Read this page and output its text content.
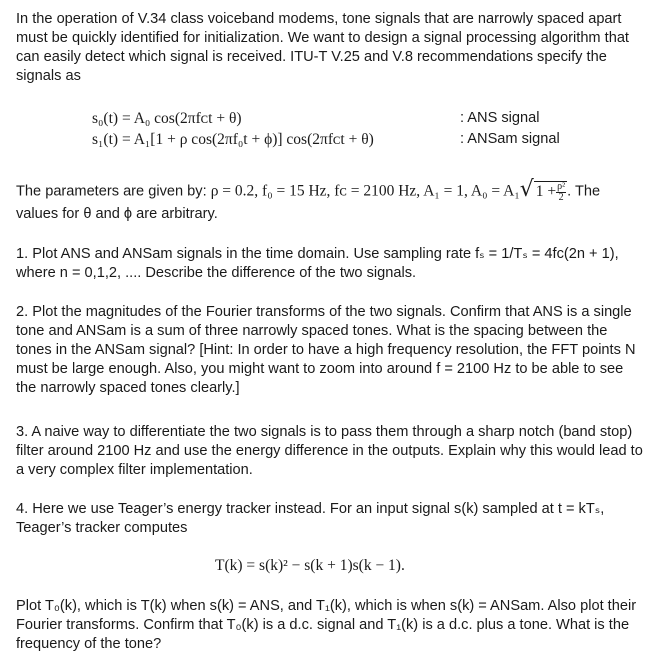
In the operation of V.34 class voiceband modems, tone signals that are narrowly spaced apart must be quickly identified for initialization. We want to design a signal processing algorithm that can easily detect which signal is received. ITU-T V.25 and V.8 recommendations specify the signals as

s₀(t) = A₀ cos(2πfᴄt + θ)	: ANS signal
s₁(t) = A₁[1 + ρ cos(2πf₀t + ϕ)] cos(2πfᴄt + θ)	: ANSam signal
The parameters are given by: ρ = 0.2, f₀ = 15 Hz, fᴄ = 2100 Hz, A₁ = 1, A₀ = A₁√ $1 + \frac{\text{ρ²}}{2}$ . The

values for θ and ϕ are arbitrary.

1. Plot ANS and ANSam signals in the time domain. Use sampling rate fₛ = 1/Tₛ = 4fᴄ(2n + 1),

where n = 0,1,2, .... Describe the difference of the two signals.

2. Plot the magnitudes of the Fourier transforms of the two signals. Confirm that ANS is a single tone and ANSam is a sum of three narrowly spaced tones. What is the spacing between the tones in the ANSam signal? [Hint: In order to have a high frequency resolution, the FFT points N must be large enough. Also, you might want to zoom into around f = 2100 Hz to be able to see the narrowly spaced tones clearly.]

3. A naive way to differentiate the two signals is to pass them through a sharp notch (band stop) filter around 2100 Hz and use the energy difference in the outputs. Explain why this would lead to a very complex filter implementation.

4. Here we use Teager’s energy tracker instead. For an input signal s(k) sampled at t = kTₛ,

Teager’s tracker computes

T(k) = s(k)² − s(k + 1)s(k − 1).

Plot T₀(k), which is T(k) when s(k) = ANS, and T₁(k), which is when s(k) = ANSam. Also plot their Fourier transforms. Confirm that T₀(k) is a d.c. signal and T₁(k) is a d.c. plus a tone. What is the frequency of the tone?
